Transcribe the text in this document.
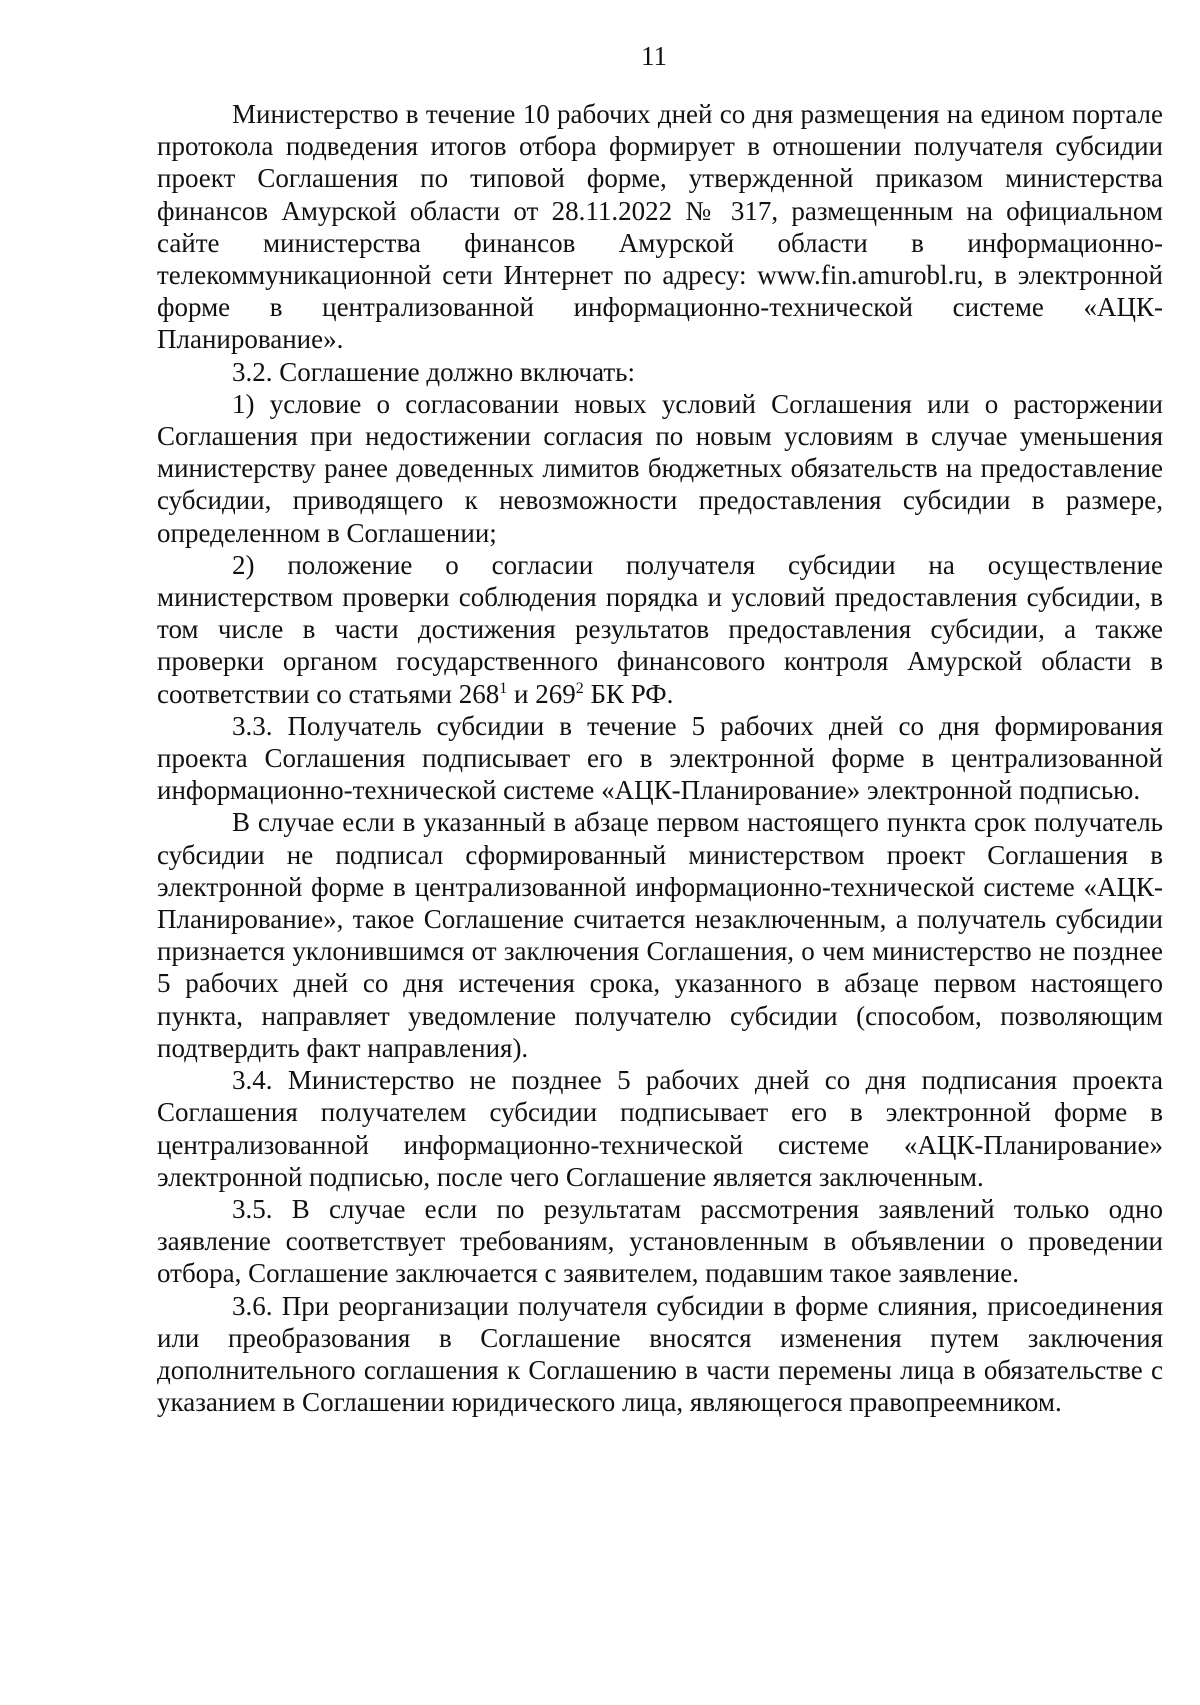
11

Министерство в течение 10 рабочих дней со дня размещения на едином портале протокола подведения итогов отбора формирует в отношении получателя субсидии проект Соглашения по типовой форме, утвержденной приказом министерства финансов Амурской области от 28.11.2022 № 317, размещенным на официальном сайте министерства финансов Амурской области в информационно-телекоммуникационной сети Интернет по адресу: www.fin.amurobl.ru, в электронной форме в централизованной информационно-технической системе «АЦК-Планирование».

3.2. Соглашение должно включать:

1) условие о согласовании новых условий Соглашения или о расторжении Соглашения при недостижении согласия по новым условиям в случае уменьшения министерству ранее доведенных лимитов бюджетных обязательств на предоставление субсидии, приводящего к невозможности предоставления субсидии в размере, определенном в Соглашении;

2) положение о согласии получателя субсидии на осуществление министерством проверки соблюдения порядка и условий предоставления субсидии, в том числе в части достижения результатов предоставления субсидии, а также проверки органом государственного финансового контроля Амурской области в соответствии со статьями $268^1$ и $269^2$ БК РФ.

3.3. Получатель субсидии в течение 5 рабочих дней со дня формирования проекта Соглашения подписывает его в электронной форме в централизованной информационно-технической системе «АЦК-Планирование» электронной подписью.

В случае если в указанный в абзаце первом настоящего пункта срок получатель субсидии не подписал сформированный министерством проект Соглашения в электронной форме в централизованной информационно-технической системе «АЦК-Планирование», такое Соглашение считается незаключенным, а получатель субсидии признается уклонившимся от заключения Соглашения, о чем министерство не позднее 5 рабочих дней со дня истечения срока, указанного в абзаце первом настоящего пункта, направляет уведомление получателю субсидии (способом, позволяющим подтвердить факт направления).

3.4. Министерство не позднее 5 рабочих дней со дня подписания проекта Соглашения получателем субсидии подписывает его в электронной форме в централизованной информационно-технической системе «АЦК-Планирование» электронной подписью, после чего Соглашение является заключенным.

3.5. В случае если по результатам рассмотрения заявлений только одно заявление соответствует требованиям, установленным в объявлении о проведении отбора, Соглашение заключается с заявителем, подавшим такое заявление.

3.6. При реорганизации получателя субсидии в форме слияния, присоединения или преобразования в Соглашение вносятся изменения путем заключения дополнительного соглашения к Соглашению в части перемены лица в обязательстве с указанием в Соглашении юридического лица, являющегося правопреемником.
